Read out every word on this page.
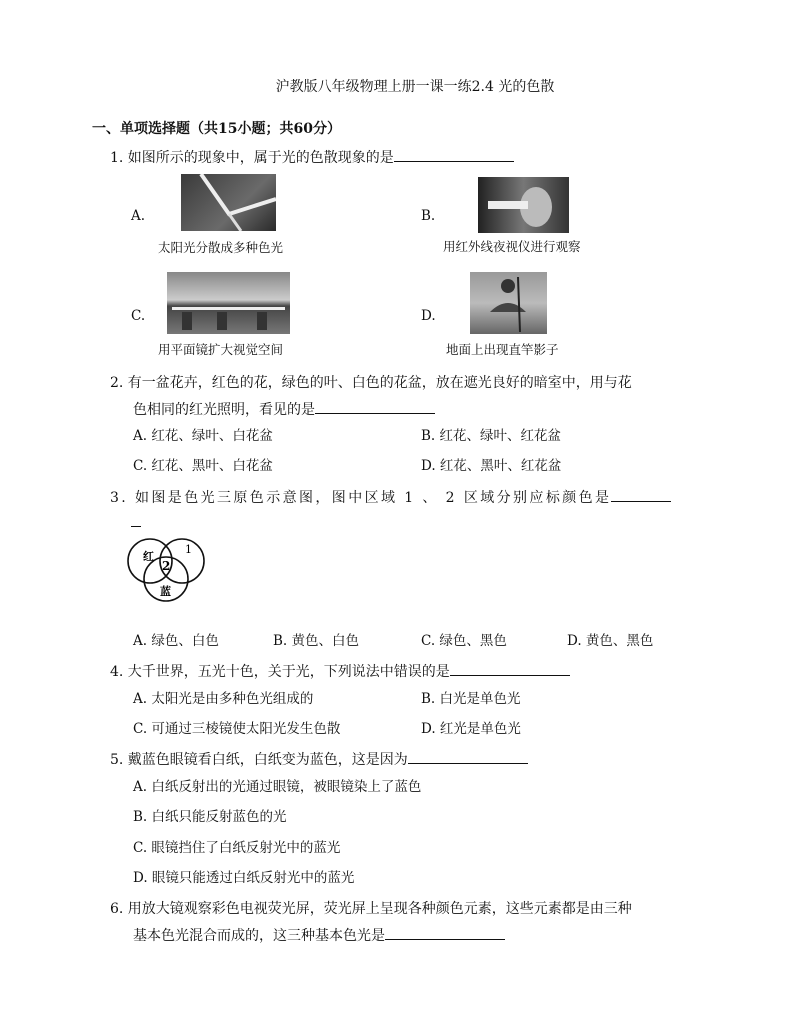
沪教版八年级物理上册一课一练2.4 光的色散
一、单项选择题（共15小题；共60分）
1. 如图所示的现象中，属于光的色散现象的是
A.
太阳光分散成多种色光
B.
用红外线夜视仪进行观察
C.
用平面镜扩大视觉空间
D.
地面上出现直竿影子
2. 有一盆花卉，红色的花，绿色的叶、白色的花盆，放在遮光良好的暗室中，用与花
色相同的红光照明，看见的是
A. 红花、绿叶、白花盆	B. 红花、绿叶、红花盆
C. 红花、黑叶、白花盆	D. 红花、黑叶、红花盆
3. 如图是色光三原色示意图，图中区域 1 、 2 区域分别应标颜色是
红
1
2
蓝
A. 绿色、白色	B. 黄色、白色	C. 绿色、黑色	D. 黄色、黑色
4. 大千世界，五光十色，关于光，下列说法中错误的是
A. 太阳光是由多种色光组成的	B. 白光是单色光
C. 可通过三棱镜使太阳光发生色散	D. 红光是单色光
5. 戴蓝色眼镜看白纸，白纸变为蓝色，这是因为
A. 白纸反射出的光通过眼镜，被眼镜染上了蓝色
B. 白纸只能反射蓝色的光
C. 眼镜挡住了白纸反射光中的蓝光
D. 眼镜只能透过白纸反射光中的蓝光
6. 用放大镜观察彩色电视荧光屏，荧光屏上呈现各种颜色元素，这些元素都是由三种
基本色光混合而成的，这三种基本色光是
